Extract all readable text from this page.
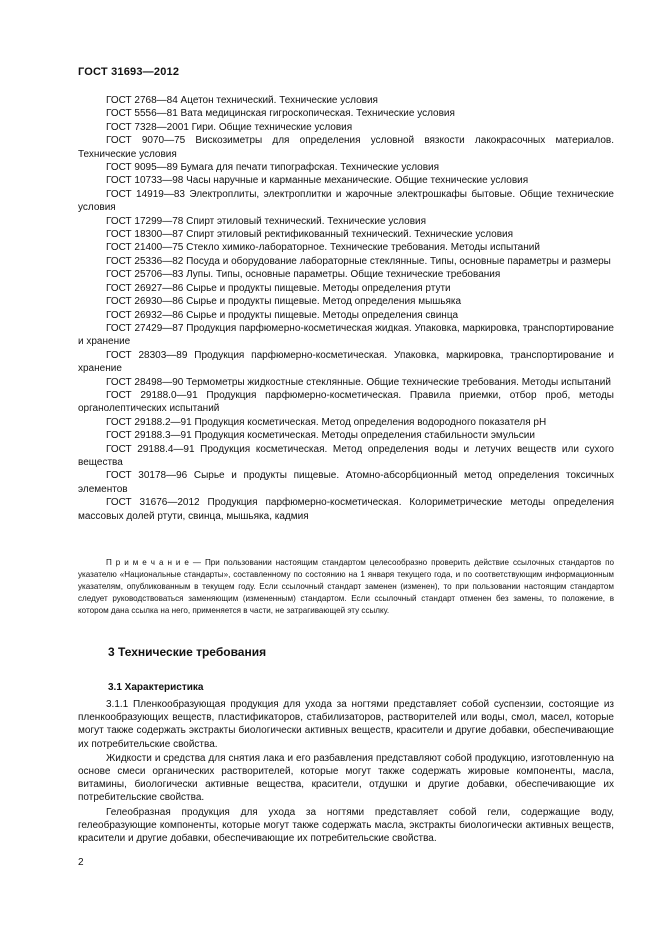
ГОСТ 31693—2012
ГОСТ 2768—84 Ацетон технический. Технические условия
ГОСТ 5556—81 Вата медицинская гигроскопическая. Технические условия
ГОСТ 7328—2001 Гири. Общие технические условия
ГОСТ 9070—75 Вискозиметры для определения условной вязкости лакокрасочных материалов. Технические условия
ГОСТ 9095—89 Бумага для печати типографская. Технические условия
ГОСТ 10733—98 Часы наручные и карманные механические. Общие технические условия
ГОСТ 14919—83 Электроплиты, электроплитки и жарочные электрошкафы бытовые. Общие технические условия
ГОСТ 17299—78 Спирт этиловый технический. Технические условия
ГОСТ 18300—87 Спирт этиловый ректификованный технический. Технические условия
ГОСТ 21400—75 Стекло химико-лабораторное. Технические требования. Методы испытаний
ГОСТ 25336—82 Посуда и оборудование лабораторные стеклянные. Типы, основные параметры и размеры
ГОСТ 25706—83 Лупы. Типы, основные параметры. Общие технические требования
ГОСТ 26927—86 Сырье и продукты пищевые. Методы определения ртути
ГОСТ 26930—86 Сырье и продукты пищевые. Метод определения мышьяка
ГОСТ 26932—86 Сырье и продукты пищевые. Методы определения свинца
ГОСТ 27429—87 Продукция парфюмерно-косметическая жидкая. Упаковка, маркировка, транспортирование и хранение
ГОСТ 28303—89 Продукция парфюмерно-косметическая. Упаковка, маркировка, транспортирование и хранение
ГОСТ 28498—90 Термометры жидкостные стеклянные. Общие технические требования. Методы испытаний
ГОСТ 29188.0—91 Продукция парфюмерно-косметическая. Правила приемки, отбор проб, методы органолептических испытаний
ГОСТ 29188.2—91 Продукция косметическая. Метод определения водородного показателя pH
ГОСТ 29188.3—91 Продукция косметическая. Методы определения стабильности эмульсии
ГОСТ 29188.4—91 Продукция косметическая. Метод определения воды и летучих веществ или сухого вещества
ГОСТ 30178—96 Сырье и продукты пищевые. Атомно-абсорбционный метод определения токсичных элементов
ГОСТ 31676—2012 Продукция парфюмерно-косметическая. Колориметрические методы определения массовых долей ртути, свинца, мышьяка, кадмия
П р и м е ч а н и е — При пользовании настоящим стандартом целесообразно проверить действие ссылочных стандартов по указателю «Национальные стандарты», составленному по состоянию на 1 января текущего года, и по соответствующим информационным указателям, опубликованным в текущем году. Если ссылочный стандарт заменен (изменен), то при пользовании настоящим стандартом следует руководствоваться заменяющим (измененным) стандартом. Если ссылочный стандарт отменен без замены, то положение, в котором дана ссылка на него, применяется в части, не затрагивающей эту ссылку.
3 Технические требования
3.1 Характеристика

3.1.1 Пленкообразующая продукция для ухода за ногтями представляет собой суспензии, состоящие из пленкообразующих веществ, пластификаторов, стабилизаторов, растворителей или воды, смол, масел, которые могут также содержать экстракты биологически активных веществ, красители и другие добавки, обеспечивающие их потребительские свойства.

Жидкости и средства для снятия лака и его разбавления представляют собой продукцию, изготовленную на основе смеси органических растворителей, которые могут также содержать жировые компоненты, масла, витамины, биологически активные вещества, красители, отдушки и другие добавки, обеспечивающие их потребительские свойства.

Гелеобразная продукция для ухода за ногтями представляет собой гели, содержащие воду, гелеобразующие компоненты, которые могут также содержать масла, экстракты биологически активных веществ, красители и другие добавки, обеспечивающие их потребительские свойства.

2
